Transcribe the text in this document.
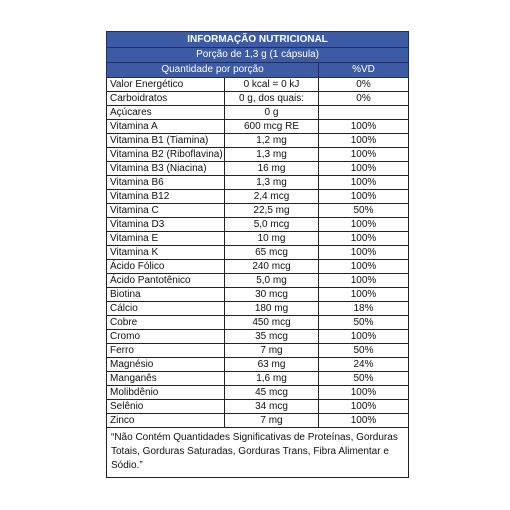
INFORMAÇÃO NUTRICIONAL		
Porção de 1,3 g (1 cápsula)		
Quantidade por porção		%VD
Valor Energético	0 kcal = 0 kJ	0%
Carboidratos	0 g, dos quais:	0%
Açúcares	0 g	
Vitamina A	600 mcg RE	100%
Vitamina B1 (Tiamina)	1,2 mg	100%
Vitamina B2 (Riboflavina)	1,3 mg	100%
Vitamina B3 (Niacina)	16 mg	100%
Vitamina B6	1,3 mg	100%
Vitamina B12	2,4 mcg	100%
Vitamina C	22,5 mg	50%
Vitamina D3	5,0 mcg	100%
Vitamina E	10 mg	100%
Vitamina K	65 mcg	100%
Ácido Fólico	240 mcg	100%
Ácido Pantotênico	5,0 mg	100%
Biotina	30 mcg	100%
Cálcio	180 mg	18%
Cobre	450 mcg	50%
Cromo	35 mcg	100%
Ferro	7 mg	50%
Magnésio	63 mg	24%
Manganês	1,6 mg	50%
Molibdênio	45 mcg	100%
Selênio	34 mcg	100%
Zinco	7 mg	100%
“Não Contém Quantidades Significativas de Proteínas, Gorduras Totais, Gorduras Saturadas, Gorduras Trans, Fibra Alimentar e Sódio.”		
